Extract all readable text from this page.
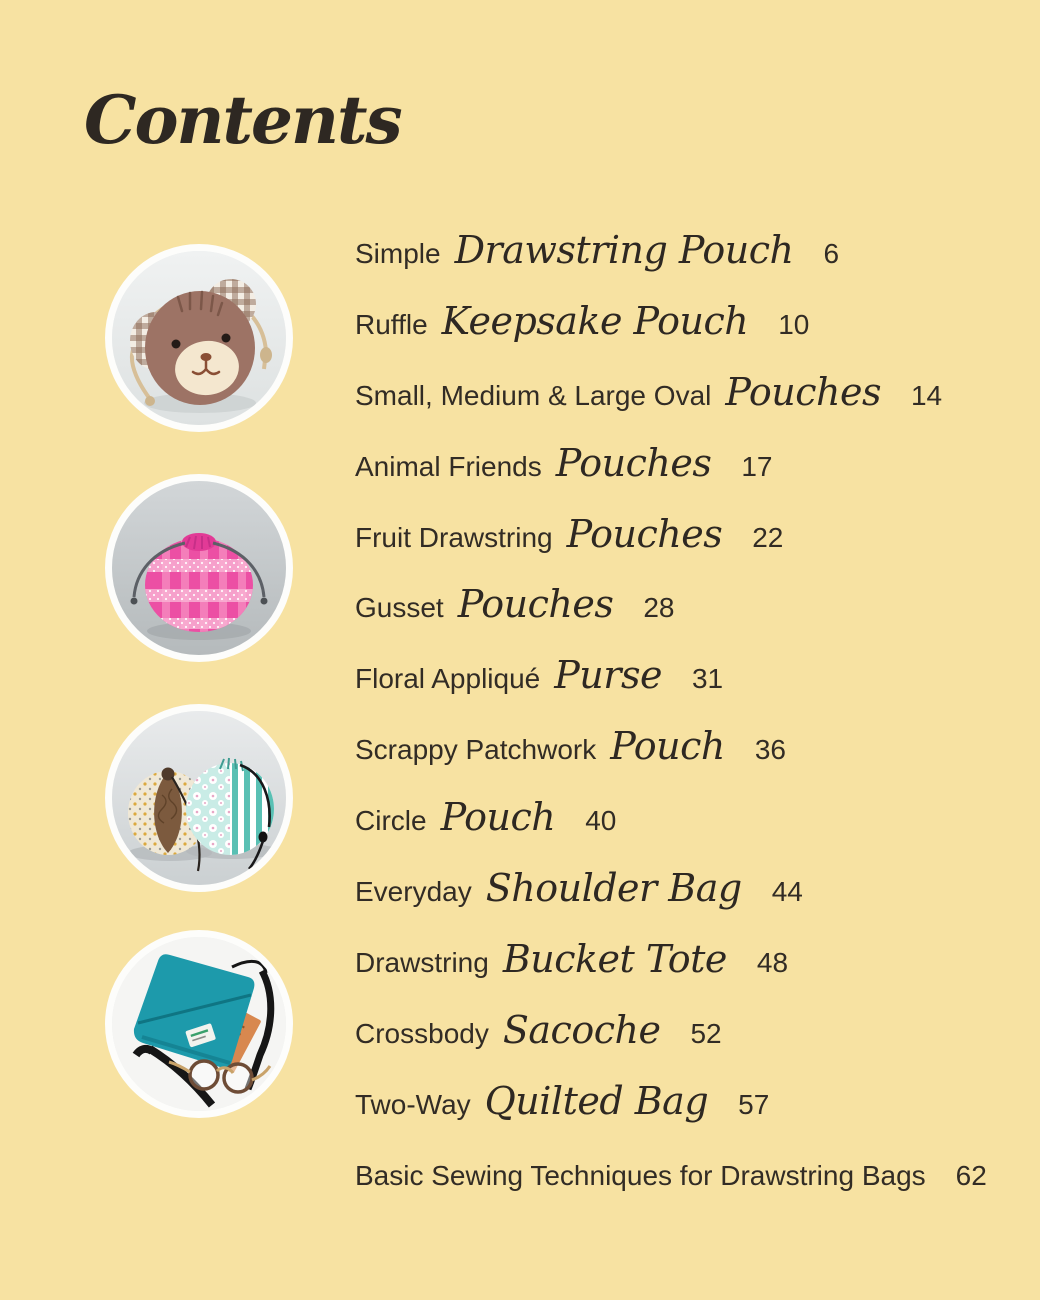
Contents
Simple Drawstring Pouch 6
Ruffle Keepsake Pouch 10
Small, Medium & Large Oval Pouches 14
Animal Friends Pouches 17
Fruit Drawstring Pouches 22
Gusset Pouches 28
Floral Appliqué Purse 31
Scrappy Patchwork Pouch 36
Circle Pouch 40
Everyday Shoulder Bag 44
Drawstring Bucket Tote 48
Crossbody Sacoche 52
Two-Way Quilted Bag 57
Basic Sewing Techniques for Drawstring Bags 62
